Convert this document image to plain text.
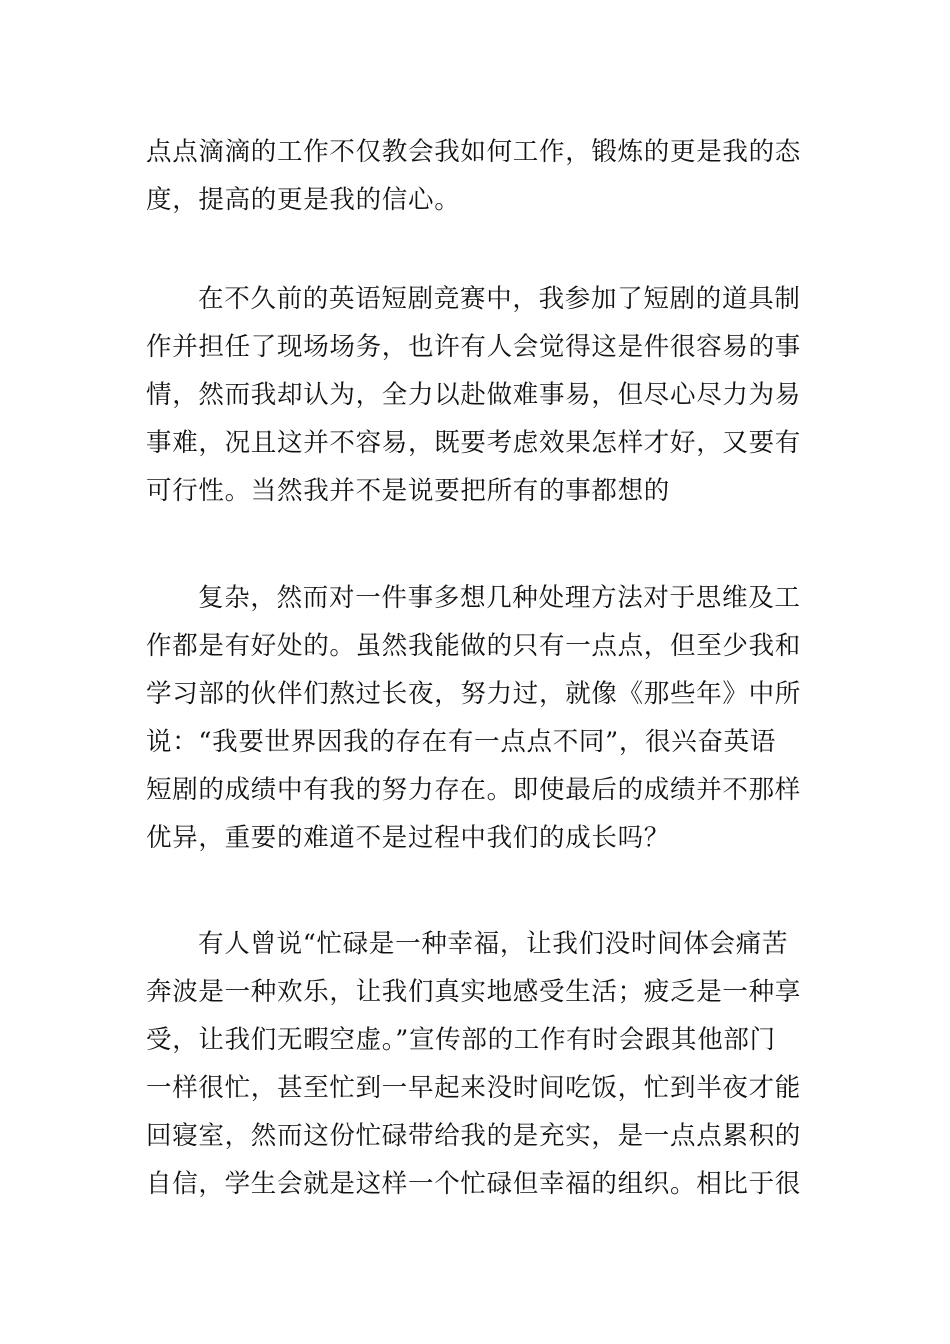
点点滴滴的工作不仅教会我如何工作，锻炼的更是我的态
度，提高的更是我的信心。

在不久前的英语短剧竞赛中，我参加了短剧的道具制
作并担任了现场场务，也许有人会觉得这是件很容易的事
情，然而我却认为，全力以赴做难事易，但尽心尽力为易
事难，况且这并不容易，既要考虑效果怎样才好，又要有
可行性。当然我并不是说要把所有的事都想的

复杂，然而对一件事多想几种处理方法对于思维及工
作都是有好处的。虽然我能做的只有一点点，但至少我和
学习部的伙伴们熬过长夜，努力过，就像《那些年》中所
说：“我要世界因我的存在有一点点不同”，很兴奋英语
短剧的成绩中有我的努力存在。即使最后的成绩并不那样
优异，重要的难道不是过程中我们的成长吗？

有人曾说“忙碌是一种幸福，让我们没时间体会痛苦
奔波是一种欢乐，让我们真实地感受生活；疲乏是一种享
受，让我们无暇空虚。”宣传部的工作有时会跟其他部门
一样很忙，甚至忙到一早起来没时间吃饭，忙到半夜才能
回寝室，然而这份忙碌带给我的是充实，是一点点累积的
自信，学生会就是这样一个忙碌但幸福的组织。相比于很
